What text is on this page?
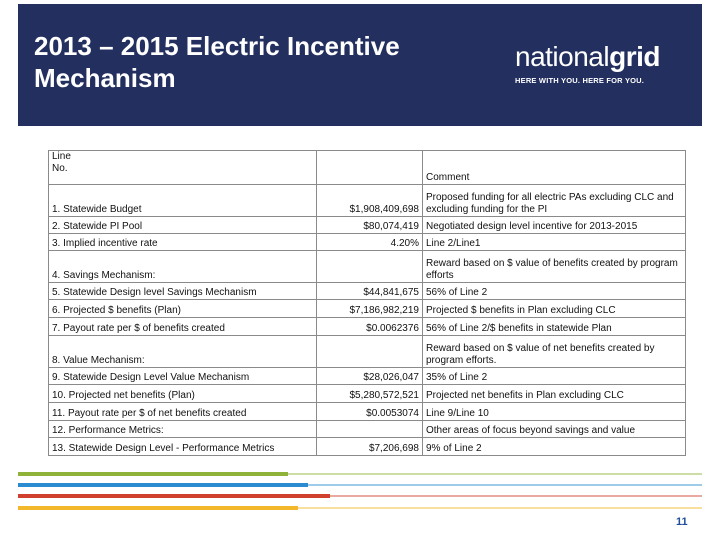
2013 – 2015 Electric Incentive
Mechanism
nationalgrid
HERE WITH YOU. HERE FOR YOU.
Line
No.		Comment
1. Statewide Budget	$1,908,409,698	Proposed funding for all electric PAs excluding CLC and excluding funding for the PI
2. Statewide PI Pool	$80,074,419	Negotiated design level incentive for 2013-2015
3. Implied incentive rate	4.20%	Line 2/Line1
4. Savings Mechanism:		Reward based on $ value of benefits created by program efforts
5. Statewide Design level Savings Mechanism	$44,841,675	56% of Line 2
6. Projected $ benefits (Plan)	$7,186,982,219	Projected $ benefits in Plan excluding CLC
7. Payout rate per $ of benefits created	$0.0062376	56% of Line 2/$ benefits in statewide Plan
8. Value Mechanism:		Reward based on $ value of net benefits created by program efforts.
9. Statewide Design Level Value Mechanism	$28,026,047	35% of Line 2
10. Projected net benefits (Plan)	$5,280,572,521	Projected net benefits in Plan excluding CLC
11. Payout rate per $ of net benefits created	$0.0053074	Line 9/Line 10
12. Performance Metrics:		Other areas of focus beyond savings and value
13. Statewide Design Level - Performance Metrics	$7,206,698	9% of Line 2
11
